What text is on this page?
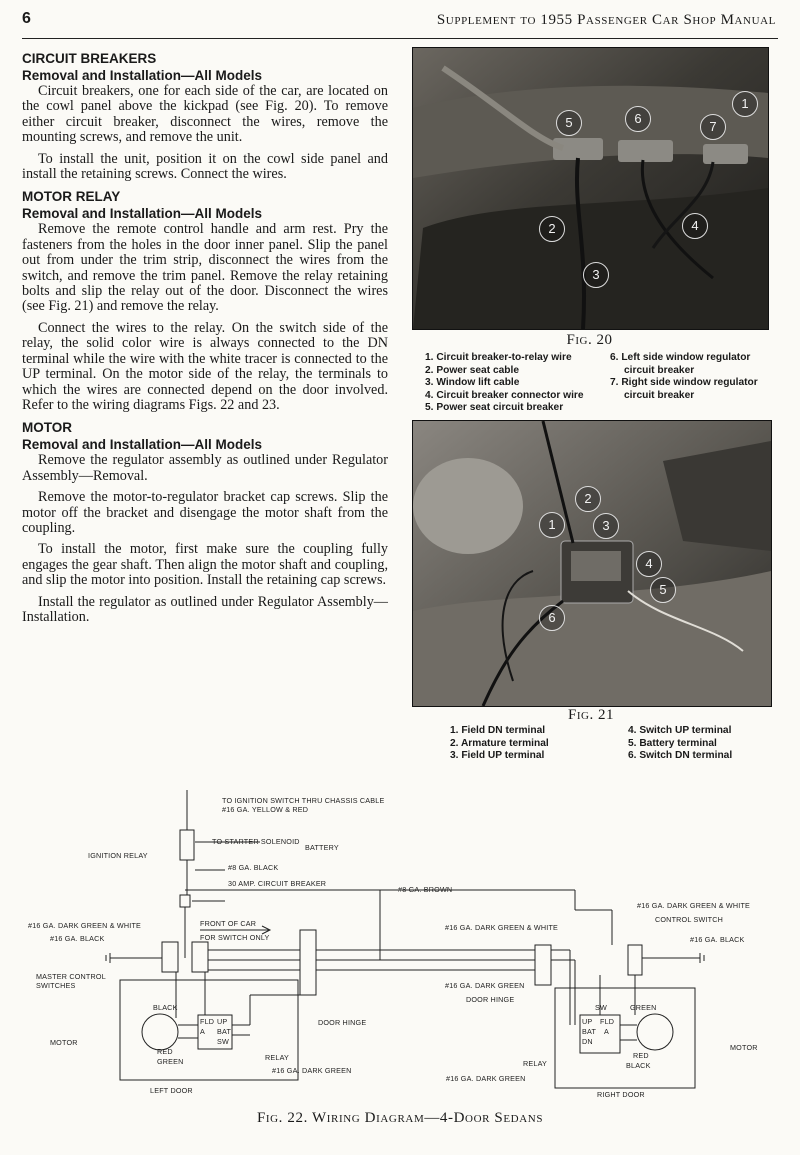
6	Supplement to 1955 Passenger Car Shop Manual
CIRCUIT BREAKERS
Removal and Installation—All Models

Circuit breakers, one for each side of the car, are located on the cowl panel above the kickpad (see Fig. 20). To remove either circuit breaker, disconnect the wires, remove the mounting screws, and remove the unit.

To install the unit, position it on the cowl side panel and install the retaining screws. Connect the wires.

MOTOR RELAY
Removal and Installation—All Models

Remove the remote control handle and arm rest. Pry the fasteners from the holes in the door inner panel. Slip the panel out from under the trim strip, disconnect the wires from the switch, and remove the trim panel. Remove the relay retaining bolts and slip the relay out of the door. Disconnect the wires (see Fig. 21) and remove the relay.

Connect the wires to the relay. On the switch side of the relay, the solid color wire is always connected to the DN terminal while the wire with the white tracer is connected to the UP terminal. On the motor side of the relay, the terminals to which the wires are connected depend on the door involved. Refer to the wiring diagrams Figs. 22 and 23.

MOTOR
Removal and Installation—All Models

Remove the regulator assembly as outlined under Regulator Assembly—Removal.

Remove the motor-to-regulator bracket cap screws. Slip the motor off the bracket and disengage the motor shaft from the coupling.

To install the motor, first make sure the coupling fully engages the gear shaft. Then align the motor shaft and coupling, and slip the motor into position. Install the retaining cap screws.

Install the regulator as outlined under Regulator Assembly—Installation.

1
2
3
4
5	6
7
Fig. 20
1. Circuit breaker-to-relay wire
2. Power seat cable
3. Window lift cable
4. Circuit breaker connector wire
5. Power seat circuit breaker
6. Left side window regulator
circuit breaker
7. Right side window regulator
circuit breaker
1
2
3
4
5
6
Fig. 21
1. Field DN terminal
2. Armature terminal
3. Field UP terminal
4. Switch UP terminal
5. Battery terminal
6. Switch DN terminal
TO IGNITION SWITCH THRU CHASSIS CABLE
#16 GA. YELLOW & RED
IGNITION RELAY
TO STARTER SOLENOID
BATTERY
#8 GA. BLACK
30 AMP. CIRCUIT BREAKER
#8 GA. BROWN
#16 GA. DARK GREEN & WHITE	FRONT OF CAR
FOR SWITCH ONLY
#16 GA. BLACK
#16 GA. DARK GREEN & WHITE
#16 GA. DARK GREEN & WHITE
CONTROL SWITCH
#16 GA. BLACK
MASTER CONTROL
SWITCHES	#16 GA. DARK GREEN
DOOR HINGE
BLACK
MOTOR
RED
GREEN
DOOR HINGE
RELAY
#16 GA. DARK GREEN
LEFT DOOR
GREEN
MOTOR
RED
BLACK
RELAY
#16 GA. DARK GREEN
RIGHT DOOR
FLD UP
A BAT
SW
SW
UP FLD
BAT A
DN
Fig. 22. Wiring Diagram—4-Door Sedans
